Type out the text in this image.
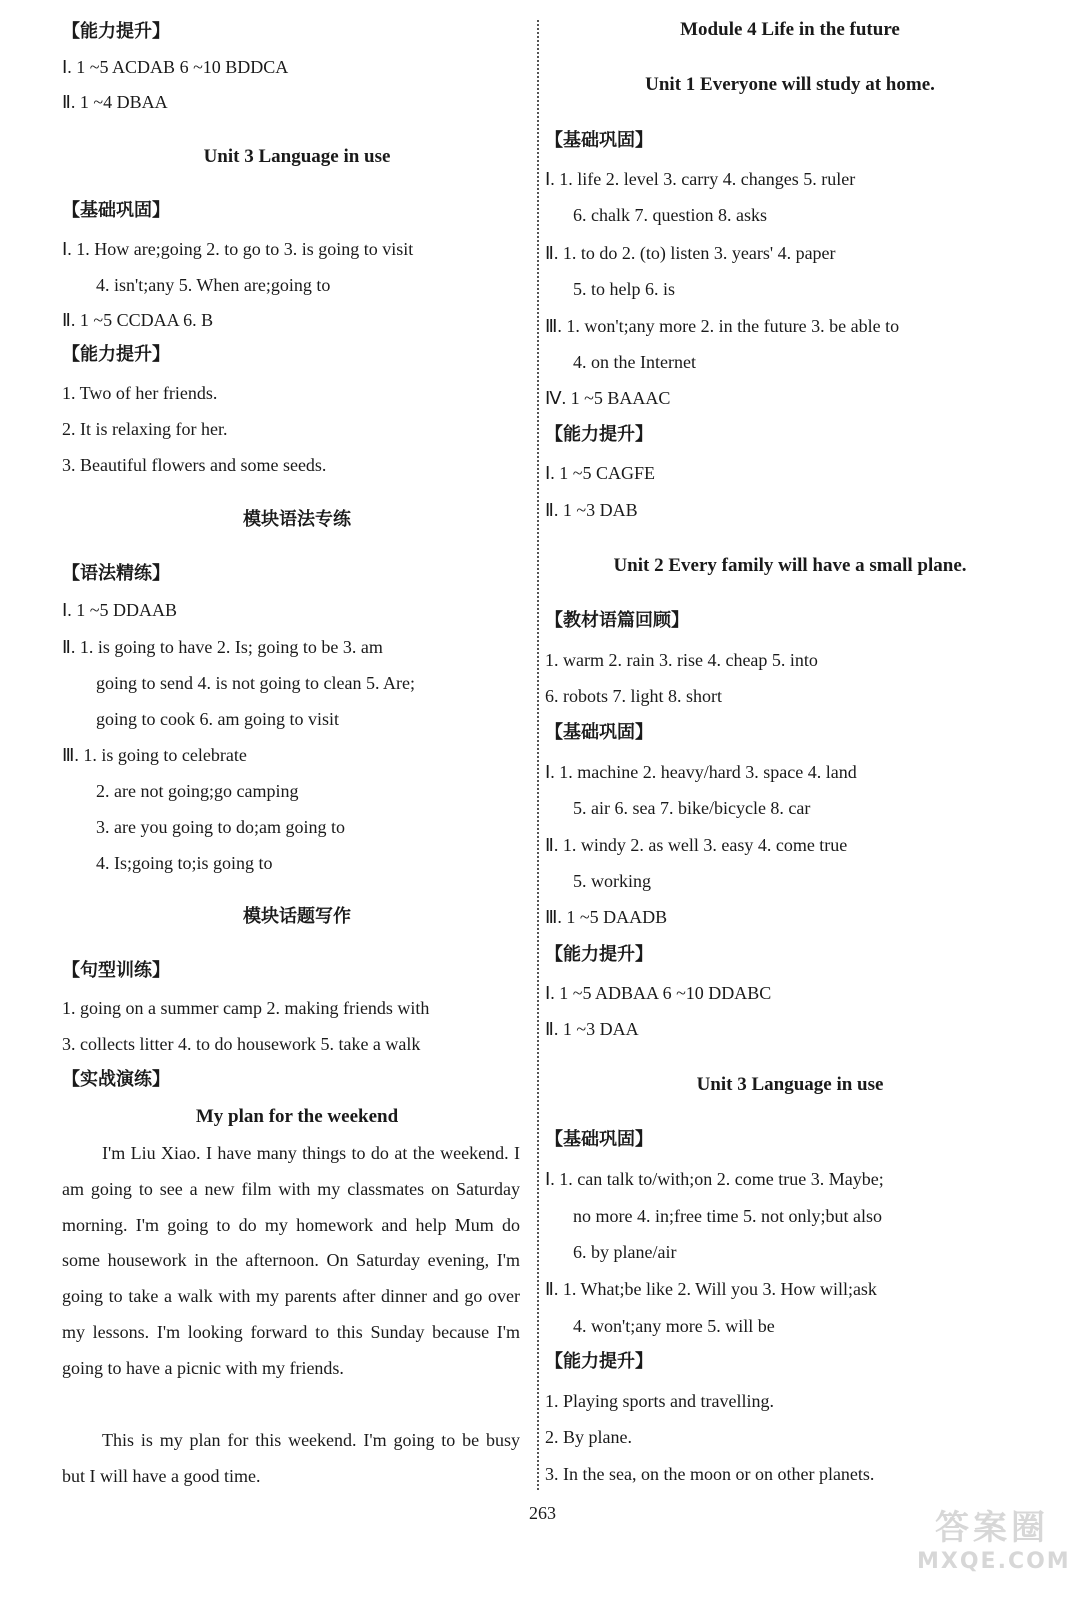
【能力提升】
Ⅰ. 1 ~5 ACDAB 6 ~10 BDDCA
Ⅱ. 1 ~4 DBAA
Unit 3 Language in use
【基础巩固】
Ⅰ. 1. How are;going 2. to go to 3. is going to visit
4. isn't;any 5. When are;going to
Ⅱ. 1 ~5 CCDAA 6. B
【能力提升】
1. Two of her friends.
2. It is relaxing for her.
3. Beautiful flowers and some seeds.
模块语法专练
【语法精练】
Ⅰ. 1 ~5 DDAAB
Ⅱ. 1. is going to have 2. Is; going to be 3. am
going to send 4. is not going to clean 5. Are;
going to cook 6. am going to visit
Ⅲ. 1. is going to celebrate
2. are not going;go camping
3. are you going to do;am going to
4. Is;going to;is going to
模块话题写作
【句型训练】
1. going on a summer camp 2. making friends with
3. collects litter 4. to do housework 5. take a walk
【实战演练】
My plan for the weekend
I'm Liu Xiao. I have many things to do at the weekend. I am going to see a new film with my classmates on Saturday morning. I'm going to do my homework and help Mum do some housework in the afternoon. On Saturday evening, I'm going to take a walk with my parents after dinner and go over my lessons. I'm looking forward to this Sunday because I'm going to have a picnic with my friends.
This is my plan for this weekend. I'm going to be busy but I will have a good time.
Module 4 Life in the future
Unit 1 Everyone will study at home.
【基础巩固】
Ⅰ. 1. life 2. level 3. carry 4. changes 5. ruler
6. chalk 7. question 8. asks
Ⅱ. 1. to do 2. (to) listen 3. years' 4. paper
5. to help 6. is
Ⅲ. 1. won't;any more 2. in the future 3. be able to
4. on the Internet
Ⅳ. 1 ~5 BAAAC
【能力提升】
Ⅰ. 1 ~5 CAGFE
Ⅱ. 1 ~3 DAB
Unit 2 Every family will have a small plane.
【教材语篇回顾】
1. warm 2. rain 3. rise 4. cheap 5. into
6. robots 7. light 8. short
【基础巩固】
Ⅰ. 1. machine 2. heavy/hard 3. space 4. land
5. air 6. sea 7. bike/bicycle 8. car
Ⅱ. 1. windy 2. as well 3. easy 4. come true
5. working
Ⅲ. 1 ~5 DAADB
【能力提升】
Ⅰ. 1 ~5 ADBAA 6 ~10 DDABC
Ⅱ. 1 ~3 DAA
Unit 3 Language in use
【基础巩固】
Ⅰ. 1. can talk to/with;on 2. come true 3. Maybe;
no more 4. in;free time 5. not only;but also
6. by plane/air
Ⅱ. 1. What;be like 2. Will you 3. How will;ask
4. won't;any more 5. will be
【能力提升】
1. Playing sports and travelling.
2. By plane.
3. In the sea, on the moon or on other planets.
263	答案圈
MXQE.COM
